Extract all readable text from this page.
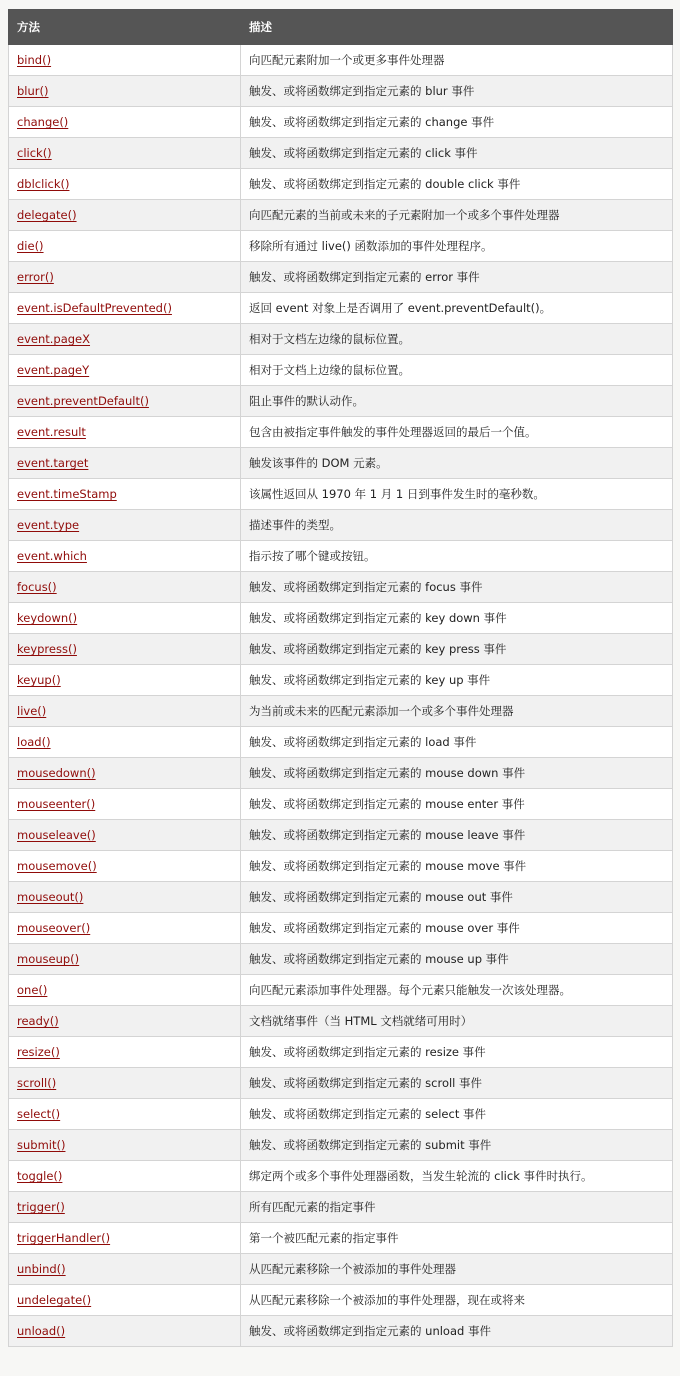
方法	描述
bind()	向匹配元素附加一个或更多事件处理器
blur()	触发、或将函数绑定到指定元素的 blur 事件
change()	触发、或将函数绑定到指定元素的 change 事件
click()	触发、或将函数绑定到指定元素的 click 事件
dblclick()	触发、或将函数绑定到指定元素的 double click 事件
delegate()	向匹配元素的当前或未来的子元素附加一个或多个事件处理器
die()	移除所有通过 live() 函数添加的事件处理程序。
error()	触发、或将函数绑定到指定元素的 error 事件
event.isDefaultPrevented()	返回 event 对象上是否调用了 event.preventDefault()。
event.pageX	相对于文档左边缘的鼠标位置。
event.pageY	相对于文档上边缘的鼠标位置。
event.preventDefault()	阻止事件的默认动作。
event.result	包含由被指定事件触发的事件处理器返回的最后一个值。
event.target	触发该事件的 DOM 元素。
event.timeStamp	该属性返回从 1970 年 1 月 1 日到事件发生时的毫秒数。
event.type	描述事件的类型。
event.which	指示按了哪个键或按钮。
focus()	触发、或将函数绑定到指定元素的 focus 事件
keydown()	触发、或将函数绑定到指定元素的 key down 事件
keypress()	触发、或将函数绑定到指定元素的 key press 事件
keyup()	触发、或将函数绑定到指定元素的 key up 事件
live()	为当前或未来的匹配元素添加一个或多个事件处理器
load()	触发、或将函数绑定到指定元素的 load 事件
mousedown()	触发、或将函数绑定到指定元素的 mouse down 事件
mouseenter()	触发、或将函数绑定到指定元素的 mouse enter 事件
mouseleave()	触发、或将函数绑定到指定元素的 mouse leave 事件
mousemove()	触发、或将函数绑定到指定元素的 mouse move 事件
mouseout()	触发、或将函数绑定到指定元素的 mouse out 事件
mouseover()	触发、或将函数绑定到指定元素的 mouse over 事件
mouseup()	触发、或将函数绑定到指定元素的 mouse up 事件
one()	向匹配元素添加事件处理器。每个元素只能触发一次该处理器。
ready()	文档就绪事件（当 HTML 文档就绪可用时）
resize()	触发、或将函数绑定到指定元素的 resize 事件
scroll()	触发、或将函数绑定到指定元素的 scroll 事件
select()	触发、或将函数绑定到指定元素的 select 事件
submit()	触发、或将函数绑定到指定元素的 submit 事件
toggle()	绑定两个或多个事件处理器函数，当发生轮流的 click 事件时执行。
trigger()	所有匹配元素的指定事件
triggerHandler()	第一个被匹配元素的指定事件
unbind()	从匹配元素移除一个被添加的事件处理器
undelegate()	从匹配元素移除一个被添加的事件处理器，现在或将来
unload()	触发、或将函数绑定到指定元素的 unload 事件
